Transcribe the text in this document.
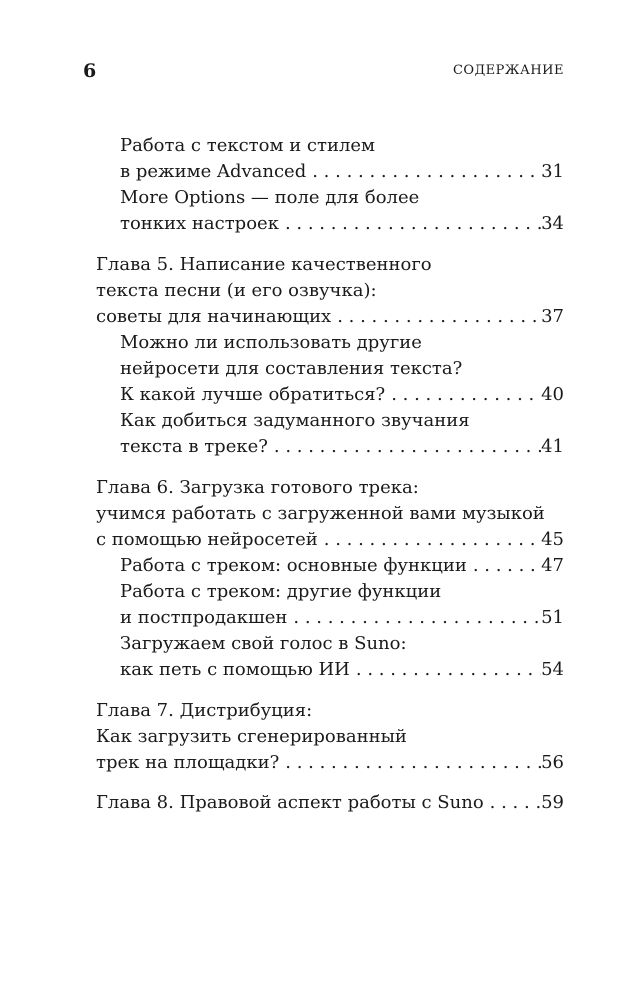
6	СОДЕРЖАНИЕ
Работа с текстом и стилем
в режиме Advanced . . .	31
More Options — поле для более
тонких настроек . . .	34
Глава 5. Написание качественного
текста песни (и его озвучка):
советы для начинающих . . .	37
Можно ли использовать другие
нейросети для составления текста?
К какой лучше обратиться? . . .	40
Как добиться задуманного звучания
текста в треке? . . .	41
Глава 6. Загрузка готового трека:
учимся работать с загруженной вами музыкой
с помощью нейросетей . . .	45
Работа с треком: основные функции . . .	47
Работа с треком: другие функции
и постпродакшен . . .	51
Загружаем свой голос в Suno:
как петь с помощью ИИ . . .	54
Глава 7. Дистрибуция:
Как загрузить сгенерированный
трек на площадки? . . .	56
Глава 8. Правовой аспект работы с Suno . . .	59
